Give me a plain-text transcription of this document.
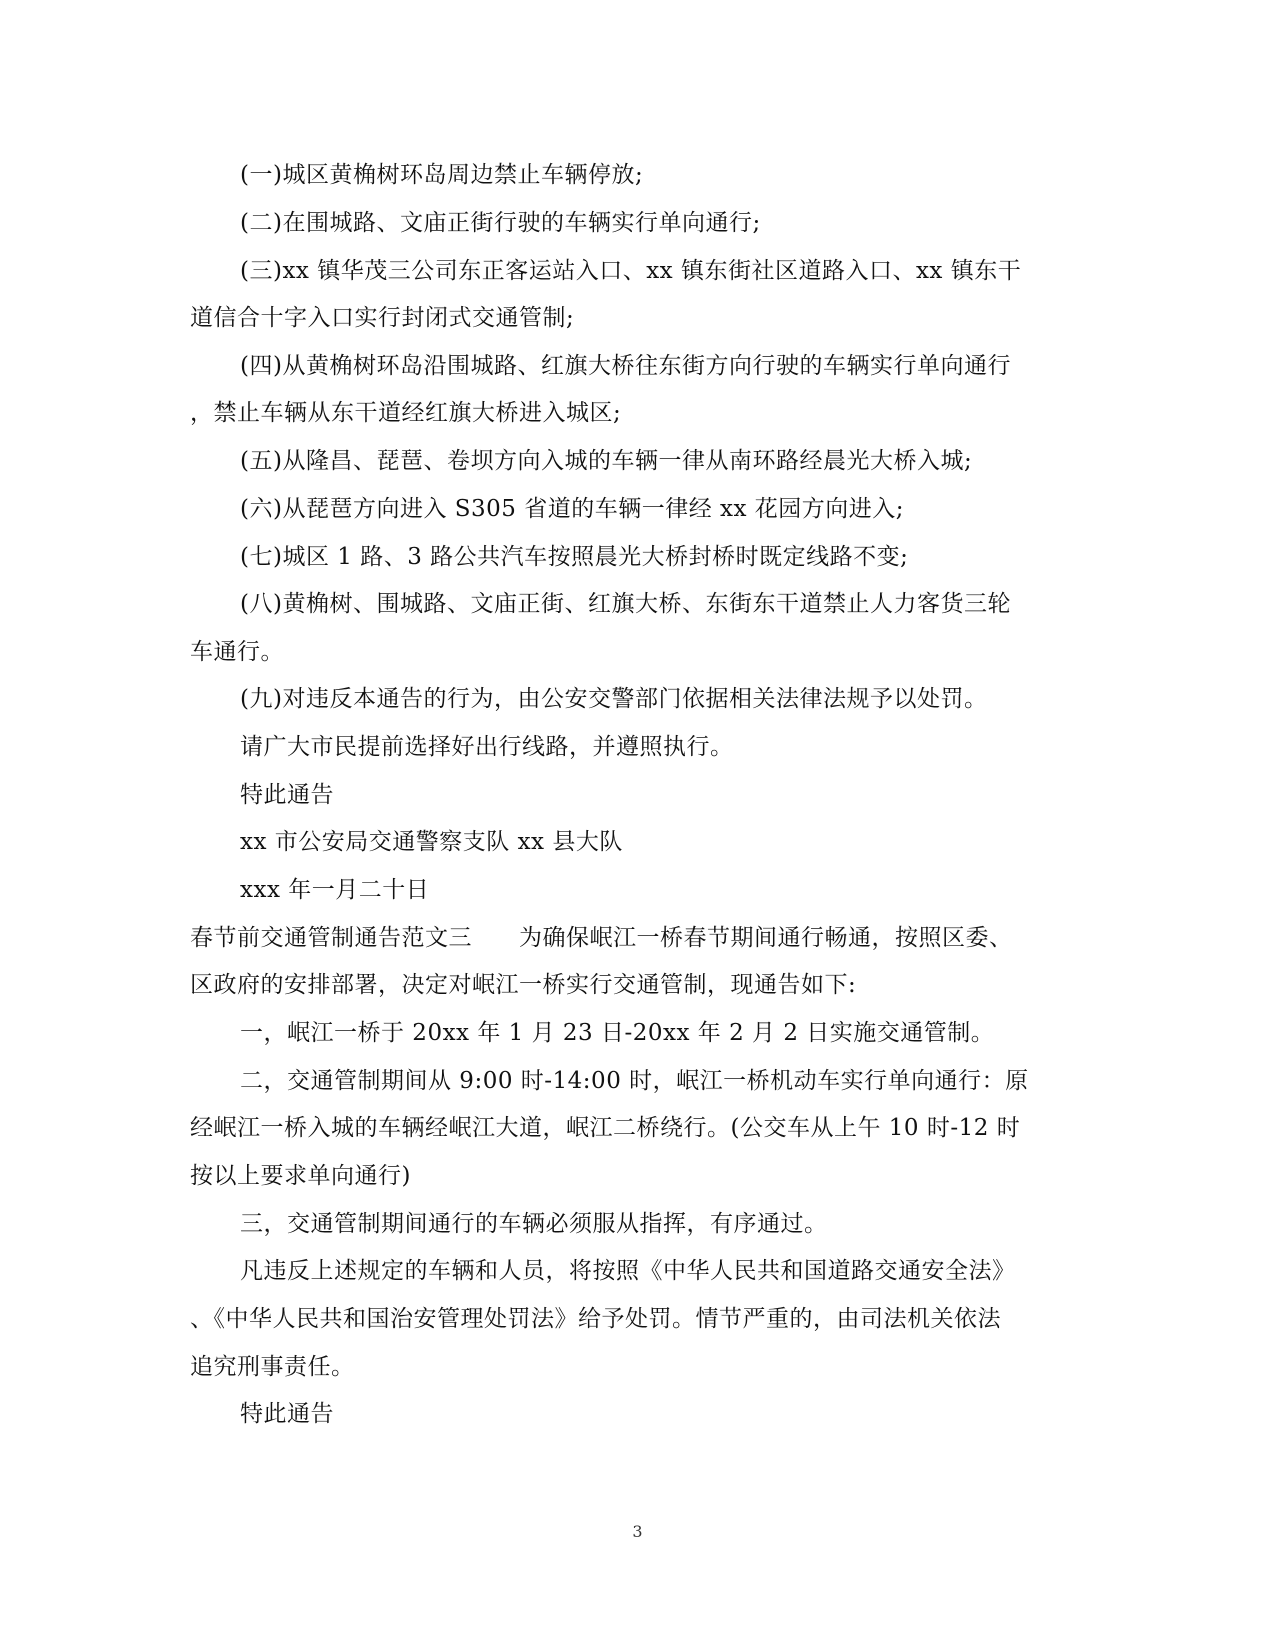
(一)城区黄桷树环岛周边禁止车辆停放;
(二)在围城路、文庙正街行驶的车辆实行单向通行;
(三)xx 镇华茂三公司东正客运站入口、xx 镇东街社区道路入口、xx 镇东干
道信合十字入口实行封闭式交通管制;
(四)从黄桷树环岛沿围城路、红旗大桥往东街方向行驶的车辆实行单向通行
，禁止车辆从东干道经红旗大桥进入城区;
(五)从隆昌、琵琶、卷坝方向入城的车辆一律从南环路经晨光大桥入城;
(六)从琵琶方向进入 S305 省道的车辆一律经 xx 花园方向进入;
(七)城区 1 路、3 路公共汽车按照晨光大桥封桥时既定线路不变;
(八)黄桷树、围城路、文庙正街、红旗大桥、东街东干道禁止人力客货三轮
车通行。
(九)对违反本通告的行为，由公安交警部门依据相关法律法规予以处罚。
请广大市民提前选择好出行线路，并遵照执行。
特此通告
xx 市公安局交通警察支队 xx 县大队
xxx 年一月二十日
春节前交通管制通告范文三　　为确保岷江一桥春节期间通行畅通，按照区委、
区政府的安排部署，决定对岷江一桥实行交通管制，现通告如下:
一，岷江一桥于 20xx 年 1 月 23 日-20xx 年 2 月 2 日实施交通管制。
二，交通管制期间从 9:00 时-14:00 时，岷江一桥机动车实行单向通行：原
经岷江一桥入城的车辆经岷江大道，岷江二桥绕行。(公交车从上午 10 时-12 时
按以上要求单向通行)
三，交通管制期间通行的车辆必须服从指挥，有序通过。
凡违反上述规定的车辆和人员，将按照《中华人民共和国道路交通安全法》
、《中华人民共和国治安管理处罚法》给予处罚。情节严重的，由司法机关依法
追究刑事责任。
特此通告
3
